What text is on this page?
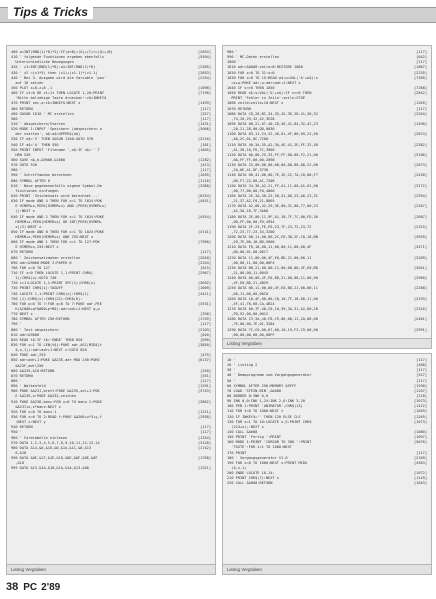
Tips & Tricks
400 a=INT(RND(1)*8)*2):IF(a<B)=(A)+(C)<=(A)+(B)	[2654]
410 ' folgende Funktionen ergeben ebenfalls	[5504]
Unterschiedliche Bewegungen
420 ' z1=INT(RND(1)*8):a1=INT(RND(1)*8)	[2305]
430 ' z2 =(z1*5) then (z1)+(z1-1)*(z1-1)	[2653]
440 ' Bei 3. Ausgabe wird die Variable 'pos'	[2254]
auf 16 setzen
450 PLOT x+8,z+8 ,1	[1098]
460 IF z1=0 OR z1=11 THEN LOCATE 1,20:PRINT	[7190]
'Bitte beliebige Taste druecken':z$=INKEY$
470 PRINT sec,a:z$=INKEY$:NEXT s	[1493]
480 RETURN	[117]
490 GOSUB 1010 ' MC erstellen	[327]
500 '	[117]
510 ' Abspeichern/Starten	[1431]
520 MODE 1:INPUT 'Speichern (abspeichern o	[3006]
der starten', a$:a$=UPPER$(a$)
530 IF a$='S' THEN GOSUB 1100:GOTO 570	[2216]
540 IF a$='A' THEN 550	[181]
550 PRINT INPUT 'Filename ',n$:IF n$='' T	[1605]
HEN 520
560 SAVE n$,b,&9000,&1600	[1282]
570 GOTO 520	[413]
580 '	[117]
590 ' Schriftmodus berechnen	[1035]
600 SYMBOL AFTER 0	[1116]
610 ' Neue gegebenenfalls eigene Symbol-De	[3388]
finitionen einfuegen
620 PRINT 'Zeichensatz wird berechnet...'	[6254]
630 IF mode AND 4 THEN FOR x=1 TO 1024:POK	[4451]
E HIMEM+x,PEEK(HIMEM+x) AND (PEEK(HIMEM+x)
)):NEXT x
640 IF mode AND 2 THEN FOR x=1 TO 1024:POKE	[4554]
HIMEM+x,PEEK(HIMEM+x) OR INT(PEEK(HIMEM+
x)/2):NEXT x
650 IF mode AND 8 THEN FOR x=1 TO 1024:POKE	[4741]
HIMEM+x,PEEK(HIMEM+x) AND 255:NEXT x
660 IF mode AND 1 THEN FOR x=1 TO 127:POK	[7900]
E HIMEM+x,255:NEXT x
670 RETURN	[117]
680 ' Zeichensatzdaten erstellen	[2018]
690 adr=&9000:MODE 2:PAPER 0	[2254]
700 FOR x=0 TO 127	[615]
710 IF z=0 THEN LOCATE 1,1:PRINT CHR$(	[2967]
1);CHR$(x):GOTO 740
720 z=1:LOCATE 1,1:PRINT SPC(1);CHR$(x)	[3692]
730 PRINT CHR$(1):TAGOFF	[1009]
740 LOCATE 1,1:PRINT CHR$(x):CHR$(1)	[4411]
750 (1):CHR$(x):CHR$(22):CHR$(0):
760 FOR p=0 TO 7:FOR q=0 TO 7:POKE adr,PEE	[3531]
K(&C000+q*&800+p*80):adr=adr+1:NEXT q,p
770 NEXT x	[336]
780 SYMBOL AFTER 256:RETURN	[1749]
790 '	[117]
800 ' Text abspeichern	[2103]
810 adr=&9000	[620]
820 READ t$:IF t$='ENDE' THEN 820	[690]
830 FOR x=1 TO LEN(t$):POKE adr,ASC(MID$(t	[3850]
$,x,1)):adr=adr+1:NEXT x:GOTO 820
840 POKE adr,255	[475]
850 adr=adr+1:POKE &A23E,adr MOD 256:POKE	[6137]
&A23F,adr\256
860 &A235,&C0:RETURN	[250]
870 RETURN	[351]
880 '	[117]
890 ' Walkenfeld	[1291]
900 POKE &A231,brett:POKE &A235,sel+1:POK	[3743]
E &A236,o:POKE &A232,zeichen
910 POKE &A236,banz:FOR x=0 TO banz-1:POKE	[3862]
&A237+x,x*banz:NEXT x
920 FOR x=0 TO banz-1	[1221]
930 FOR x=0 TO 2:READ f:POKE &A260+x*3+y,f	[2958]
:NEXT x:NEXT y
940 RETURN	[117]
950 '	[117]
960 ' Farbtabelle einlesen	[1334]
970 DATA 1,2,3,4,5,6,7,8,9,10,11,12,13,14	[3128]
980 DATA &14,&0,&18,&0,&1A,&1C,&0,&13	[1742]
0,&18
990 DATA &0E,&1F,&1E,&1D,&0E,&0F,&0E,&0F	[1768]
,&18
999 DATA &13,&1A,&18,&1A,&1A,&13,&06	[1321]
Listing Vergraben
980 '	[117]
990 ' MC-Daten erstellen	[642]
1000 '	[117]
1010 adr=&A000:zeile=0:RESTORE 1080	[1867]
1020 FOR x=0 TO 31:s=0	[2235]
1030 FOR x=0 TO 15:READ w$:w=VAL('&'+w$):s	[7285]
=s+w:POKE adr,w:adr=adr+1:NEXT x
1040 IF s<>0 THEN 1050	[7268]
1050 READ s$:s=VAL('&'+s$):IF s<>0 THEN	[2842]
PRINT 'Fehler in Zeile':zeile:STOP
1060 zeile=zeile+10:NEXT x	[1265]
1070 RETURN	[117]
1080 DATA CD,28,BC,34,35,42,3E,28,41,30,32	[3264]
,74,20,29,32,42,3E28
1090 DATA 00,21,07,40,CD,46,41,84,32,42,23	[1490]
,20,21,28,00,DD,0030
1100 DATA 03,11,24,32,40,01,4F,00,09,22,50	[2074]
,A0,2C,01,0C,7200
1110 DATA 40,3A,35,A2,3A,4E,41,2E,FF,32,58	[2382]
,A1,28,10,FD,7C,3900
1120 DATA 00,00,25,33,FF,FF,00,00,F2,21,00	[3106]
,0A,FF,FF,00,00,2098
1130 DATA 25,00,00,00,00,00,00,00,0D,22,00	[2673]
,2A,0E,41,0F,3738
1140 DATA 80,41,00,00,7E,1E,22,7A,C0,00,F7	[2430]
,00,F7,22,00,A1,7208
1150 DATA 34,36,A2,21,FF,A1,11,00,A1,01,00	[3172]
,00,77,00,00,F0,4060
1160 DATA 2E,3A,40,22,58,41,00,23,A0,23,3C	[2394]
,21,37,A2,F0,21,8865
1170 DATA A2,00,42,29,3E,00,3C,00,77,00,23	[2267]
,A2,3A,16,7F,3A00
1180 DATA 2E,00,11,9F,A1,1B,7F,7C,00,FD,36	[2687]
,00,FF,00,00,FD,4954
1190 DATA 2F,23,FE,FD,23,7F,23,72,23,72	[2315]
,72,23,77,23,34,3200
1200 DATA 00,11,00,00,2C,FD,38,2F,C0,18,BB	[3939]
,29,7E,00,18,BD,5666
1210 DATA F0,18,00,11,00,00,11,00,00,4F	[3471]
,00,00,01,00,0017
1220 DATA 11,00,00,4F,E0,BD,21,00,00,11	[3209]
,00,00,11,00,00,00F4
1230 DATA B0,21,00,00,11,00,00,00,4F,E0,BD	[2041]
,21,00,00,11,0045
1240 DATA 00,00,4F,E0,BD,21,00,00,11,00,00	[2960]
,4F,E0,BD,21,4B29
1250 DATA 00,11,00,00,4F,E0,BD,21,00,00,11	[2268]
,00,11,00,00,00C0
1260 DATA 10,4F,00,00,C0,10,7F,18,00,11,00	[3193]
,5F,41,78,00,CA,4B24
1270 DATA 00,7F,40,C0,10,39,3A,31,A2,00,20	[2316]
,FD,52,00,00,0012
1280 DATA C3,3A,40,F8,C9,06,08,11,2A,00,00	[2461]
,7E,00,00,7E,01,3284
1290 DATA 7C,C6,00,67,00,10,19,F2,C9,00,00	[2991]
,00,00,00,00,00,00FF
Listing Vergraben
10 '	[117]
20 ' Listing 2	[468]
30 '	[117]
40 ' Demoprogramm zum Vorgangsgenerator	[527]
50 '	[117]
60 SYMBOL AFTER 256:MEMORY &9FFF	[1590]
70 LOAD 'STEIN.BIN',&A000	[1107]
80 BORDER 0:INK 0,0	[218]
90 INK 0,0:INK 1,24:INK 2,6:INK 3,20	[1073]
100 PEN 1:PRINT 'ANIMATOR',CHR$(13)	[1422]
110 FOR t=0 TO 1000:NEXT t	[1049]
120 IF INKEY$='' THEN 120 ELSE CLS	[1265]
130 FOR x=1 TO 10:LOCATE x,5:PRINT CHR$	[1073]
(224+x);:NEXT x
140 CALL &A000	[1080]
150 PRINT 'Fertig ':PRINT	[1097]
160 MODE 1:PRINT 'CURSOR TO 300 ':PRINT	[5076]
'TASTE':FOR i=1 TO 1000:NEXT
170 PRINT	[117]
180 ' Vorgangsgenerator V1.0	[2109]
190 FOR x=0 TO 1000:NEXT x:PRINT MID$	[4363]
($,x,1)
200 ENDE LOCATE 10,14:	[1072]
210 PRINT CHR$(7):NEXT x	[1149]
220 CALL &A000:RETURN	[1043]
Listing Vergraben
38 PC 2'89
